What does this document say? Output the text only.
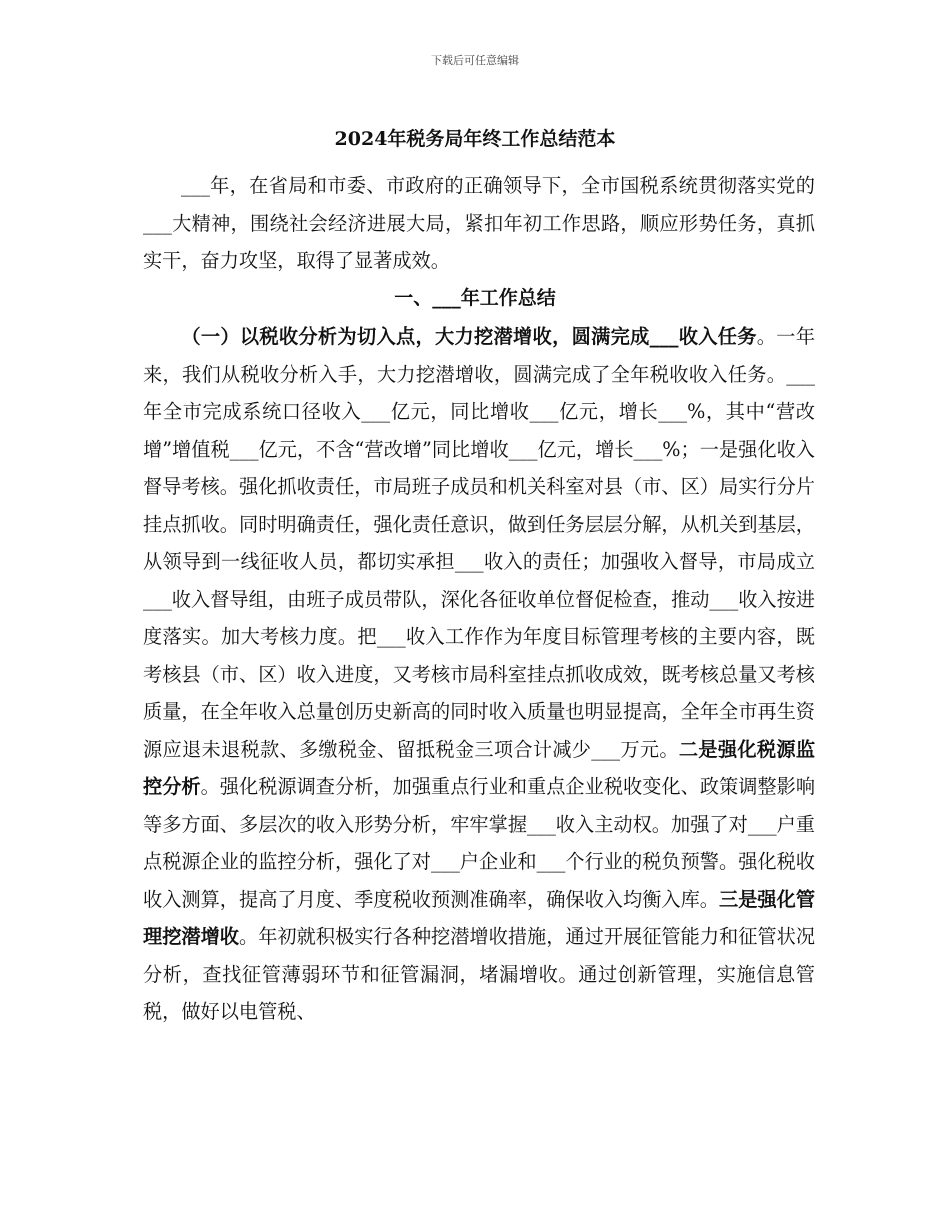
下载后可任意编辑
2024年税务局年终工作总结范本
___年，在省局和市委、市政府的正确领导下，全市国税系统贯彻落实党的___大精神，围绕社会经济进展大局，紧扣年初工作思路，顺应形势任务，真抓实干，奋力攻坚，取得了显著成效。
一、___年工作总结
（一）以税收分析为切入点，大力挖潜增收，圆满完成___收入任务。一年来，我们从税收分析入手，大力挖潜增收，圆满完成了全年税收收入任务。___年全市完成系统口径收入___亿元，同比增收___亿元，增长___%，其中“营改增”增值税___亿元，不含“营改增”同比增收___亿元，增长___%；一是强化收入督导考核。强化抓收责任，市局班子成员和机关科室对县（市、区）局实行分片挂点抓收。同时明确责任，强化责任意识，做到任务层层分解，从机关到基层，从领导到一线征收人员，都切实承担___收入的责任；加强收入督导，市局成立___收入督导组，由班子成员带队，深化各征收单位督促检查，推动___收入按进度落实。加大考核力度。把___收入工作作为年度目标管理考核的主要内容，既考核县（市、区）收入进度，又考核市局科室挂点抓收成效，既考核总量又考核质量，在全年收入总量创历史新高的同时收入质量也明显提高，全年全市再生资源应退未退税款、多缴税金、留抵税金三项合计减少___万元。二是强化税源监控分析。强化税源调查分析，加强重点行业和重点企业税收变化、政策调整影响等多方面、多层次的收入形势分析，牢牢掌握___收入主动权。加强了对___户重点税源企业的监控分析，强化了对___户企业和___个行业的税负预警。强化税收收入测算，提高了月度、季度税收预测准确率，确保收入均衡入库。三是强化管理挖潜增收。年初就积极实行各种挖潜增收措施，通过开展征管能力和征管状况分析，查找征管薄弱环节和征管漏洞，堵漏增收。通过创新管理，实施信息管税，做好以电管税、
